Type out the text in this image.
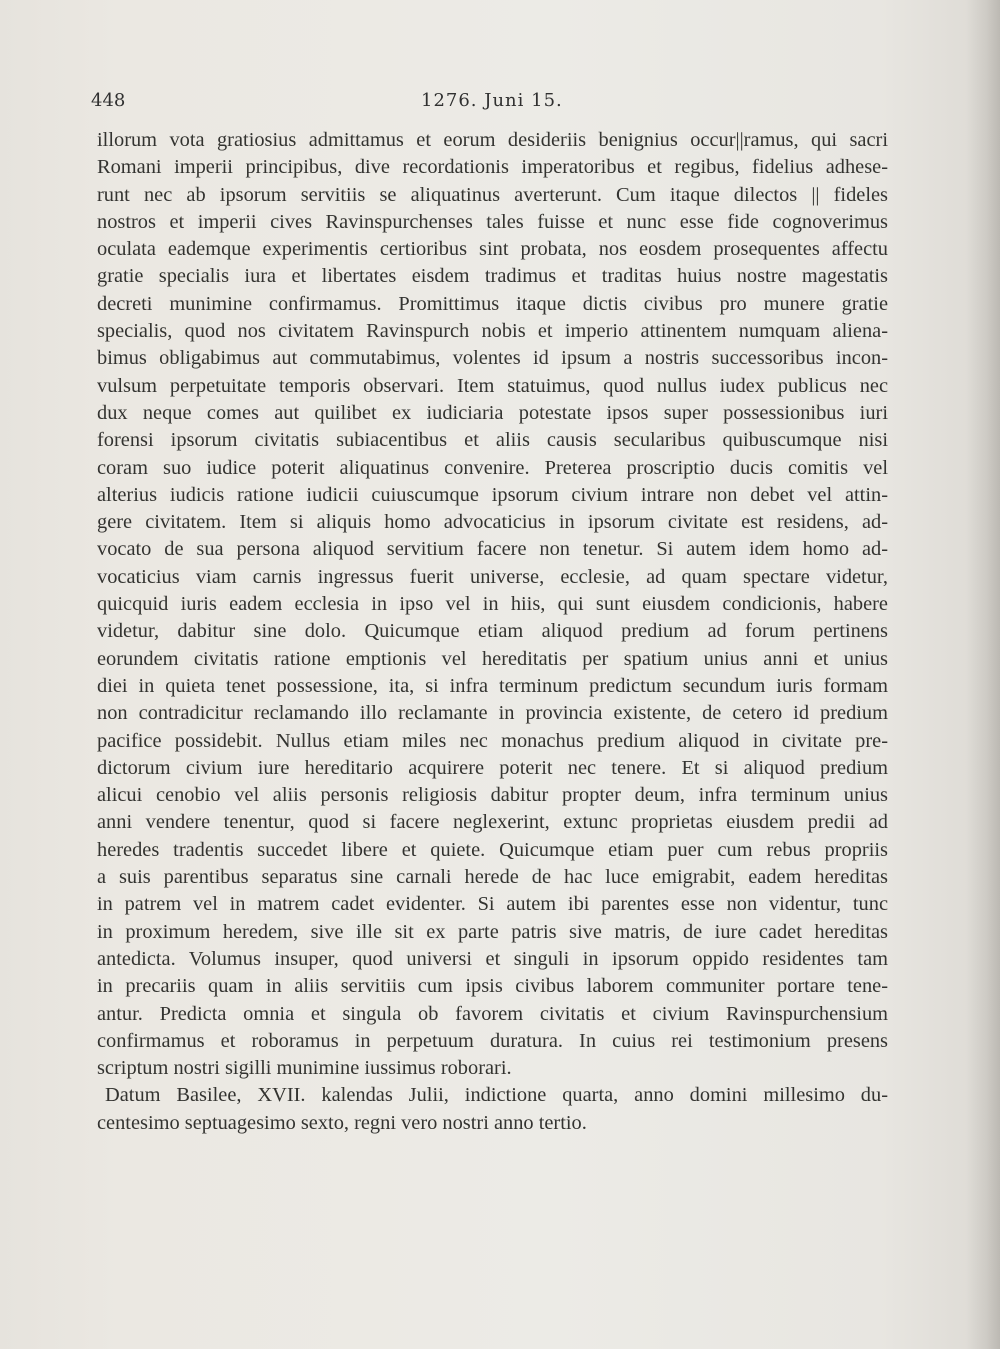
448	1276. Juni 15.
illorum vota gratiosius admittamus et eorum desideriis benignius occur||ramus, qui sacri
Romani imperii principibus, dive recordationis imperatoribus et regibus, fidelius adhese-
runt nec ab ipsorum servitiis se aliquatinus averterunt. Cum itaque dilectos || fideles
nostros et imperii cives Ravinspurchenses tales fuisse et nunc esse fide cognoverimus
oculata eademque experimentis certioribus sint probata, nos eosdem prosequentes affectu
gratie specialis iura et libertates eisdem tradimus et traditas huius nostre magestatis
decreti munimine confirmamus. Promittimus itaque dictis civibus pro munere gratie
specialis, quod nos civitatem Ravinspurch nobis et imperio attinentem numquam aliena-
bimus obligabimus aut commutabimus, volentes id ipsum a nostris successoribus incon-
vulsum perpetuitate temporis observari. Item statuimus, quod nullus iudex publicus nec
dux neque comes aut quilibet ex iudiciaria potestate ipsos super possessionibus iuri
forensi ipsorum civitatis subiacentibus et aliis causis secularibus quibuscumque nisi
coram suo iudice poterit aliquatinus convenire. Preterea proscriptio ducis comitis vel
alterius iudicis ratione iudicii cuiuscumque ipsorum civium intrare non debet vel attin-
gere civitatem. Item si aliquis homo advocaticius in ipsorum civitate est residens, ad-
vocato de sua persona aliquod servitium facere non tenetur. Si autem idem homo ad-
vocaticius viam carnis ingressus fuerit universe, ecclesie, ad quam spectare videtur,
quicquid iuris eadem ecclesia in ipso vel in hiis, qui sunt eiusdem condicionis, habere
videtur, dabitur sine dolo. Quicumque etiam aliquod predium ad forum pertinens
eorundem civitatis ratione emptionis vel hereditatis per spatium unius anni et unius
diei in quieta tenet possessione, ita, si infra terminum predictum secundum iuris formam
non contradicitur reclamando illo reclamante in provincia existente, de cetero id predium
pacifice possidebit. Nullus etiam miles nec monachus predium aliquod in civitate pre-
dictorum civium iure hereditario acquirere poterit nec tenere. Et si aliquod predium
alicui cenobio vel aliis personis religiosis dabitur propter deum, infra terminum unius
anni vendere tenentur, quod si facere neglexerint, extunc proprietas eiusdem predii ad
heredes tradentis succedet libere et quiete. Quicumque etiam puer cum rebus propriis
a suis parentibus separatus sine carnali herede de hac luce emigrabit, eadem hereditas
in patrem vel in matrem cadet evidenter. Si autem ibi parentes esse non videntur, tunc
in proximum heredem, sive ille sit ex parte patris sive matris, de iure cadet hereditas
antedicta. Volumus insuper, quod universi et singuli in ipsorum oppido residentes tam
in precariis quam in aliis servitiis cum ipsis civibus laborem communiter portare tene-
antur. Predicta omnia et singula ob favorem civitatis et civium Ravinspurchensium
confirmamus et roboramus in perpetuum duratura. In cuius rei testimonium presens
scriptum nostri sigilli munimine iussimus roborari.
Datum Basilee, XVII. kalendas Julii, indictione quarta, anno domini millesimo du-
centesimo septuagesimo sexto, regni vero nostri anno tertio.
